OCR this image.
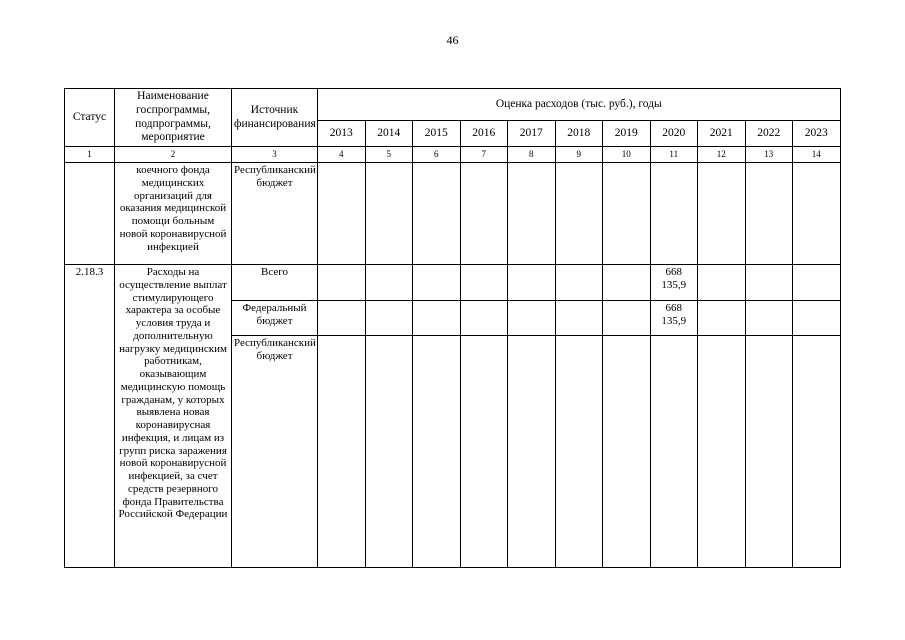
46
Статус	Наименование госпрограммы, подпрограммы, мероприятие	Источник финансирования	Оценка расходов (тыс. руб.), годы										
			2013	2014	2015	2016	2017	2018	2019	2020	2021	2022	2023
1	2	3	4	5	6	7	8	9	10	11	12	13	14
	коечного фонда медицинских организаций для оказания медицинской помощи больным новой коронавирусной инфекцией	Республиканский бюджет											
2.18.3	Расходы на осуществление выплат стимулирующего характера за особые условия труда и дополнительную нагрузку медицинским работникам, оказывающим медицинскую помощь гражданам, у которых выявлена новая коронавирусная инфекция, и лицам из групп риска заражения новой коронавирусной инфекцией, за счет средств резервного фонда Правительства Российской Федерации	Всего								668 135,9			
		Федеральный бюджет								668 135,9			
		Республиканский бюджет											
